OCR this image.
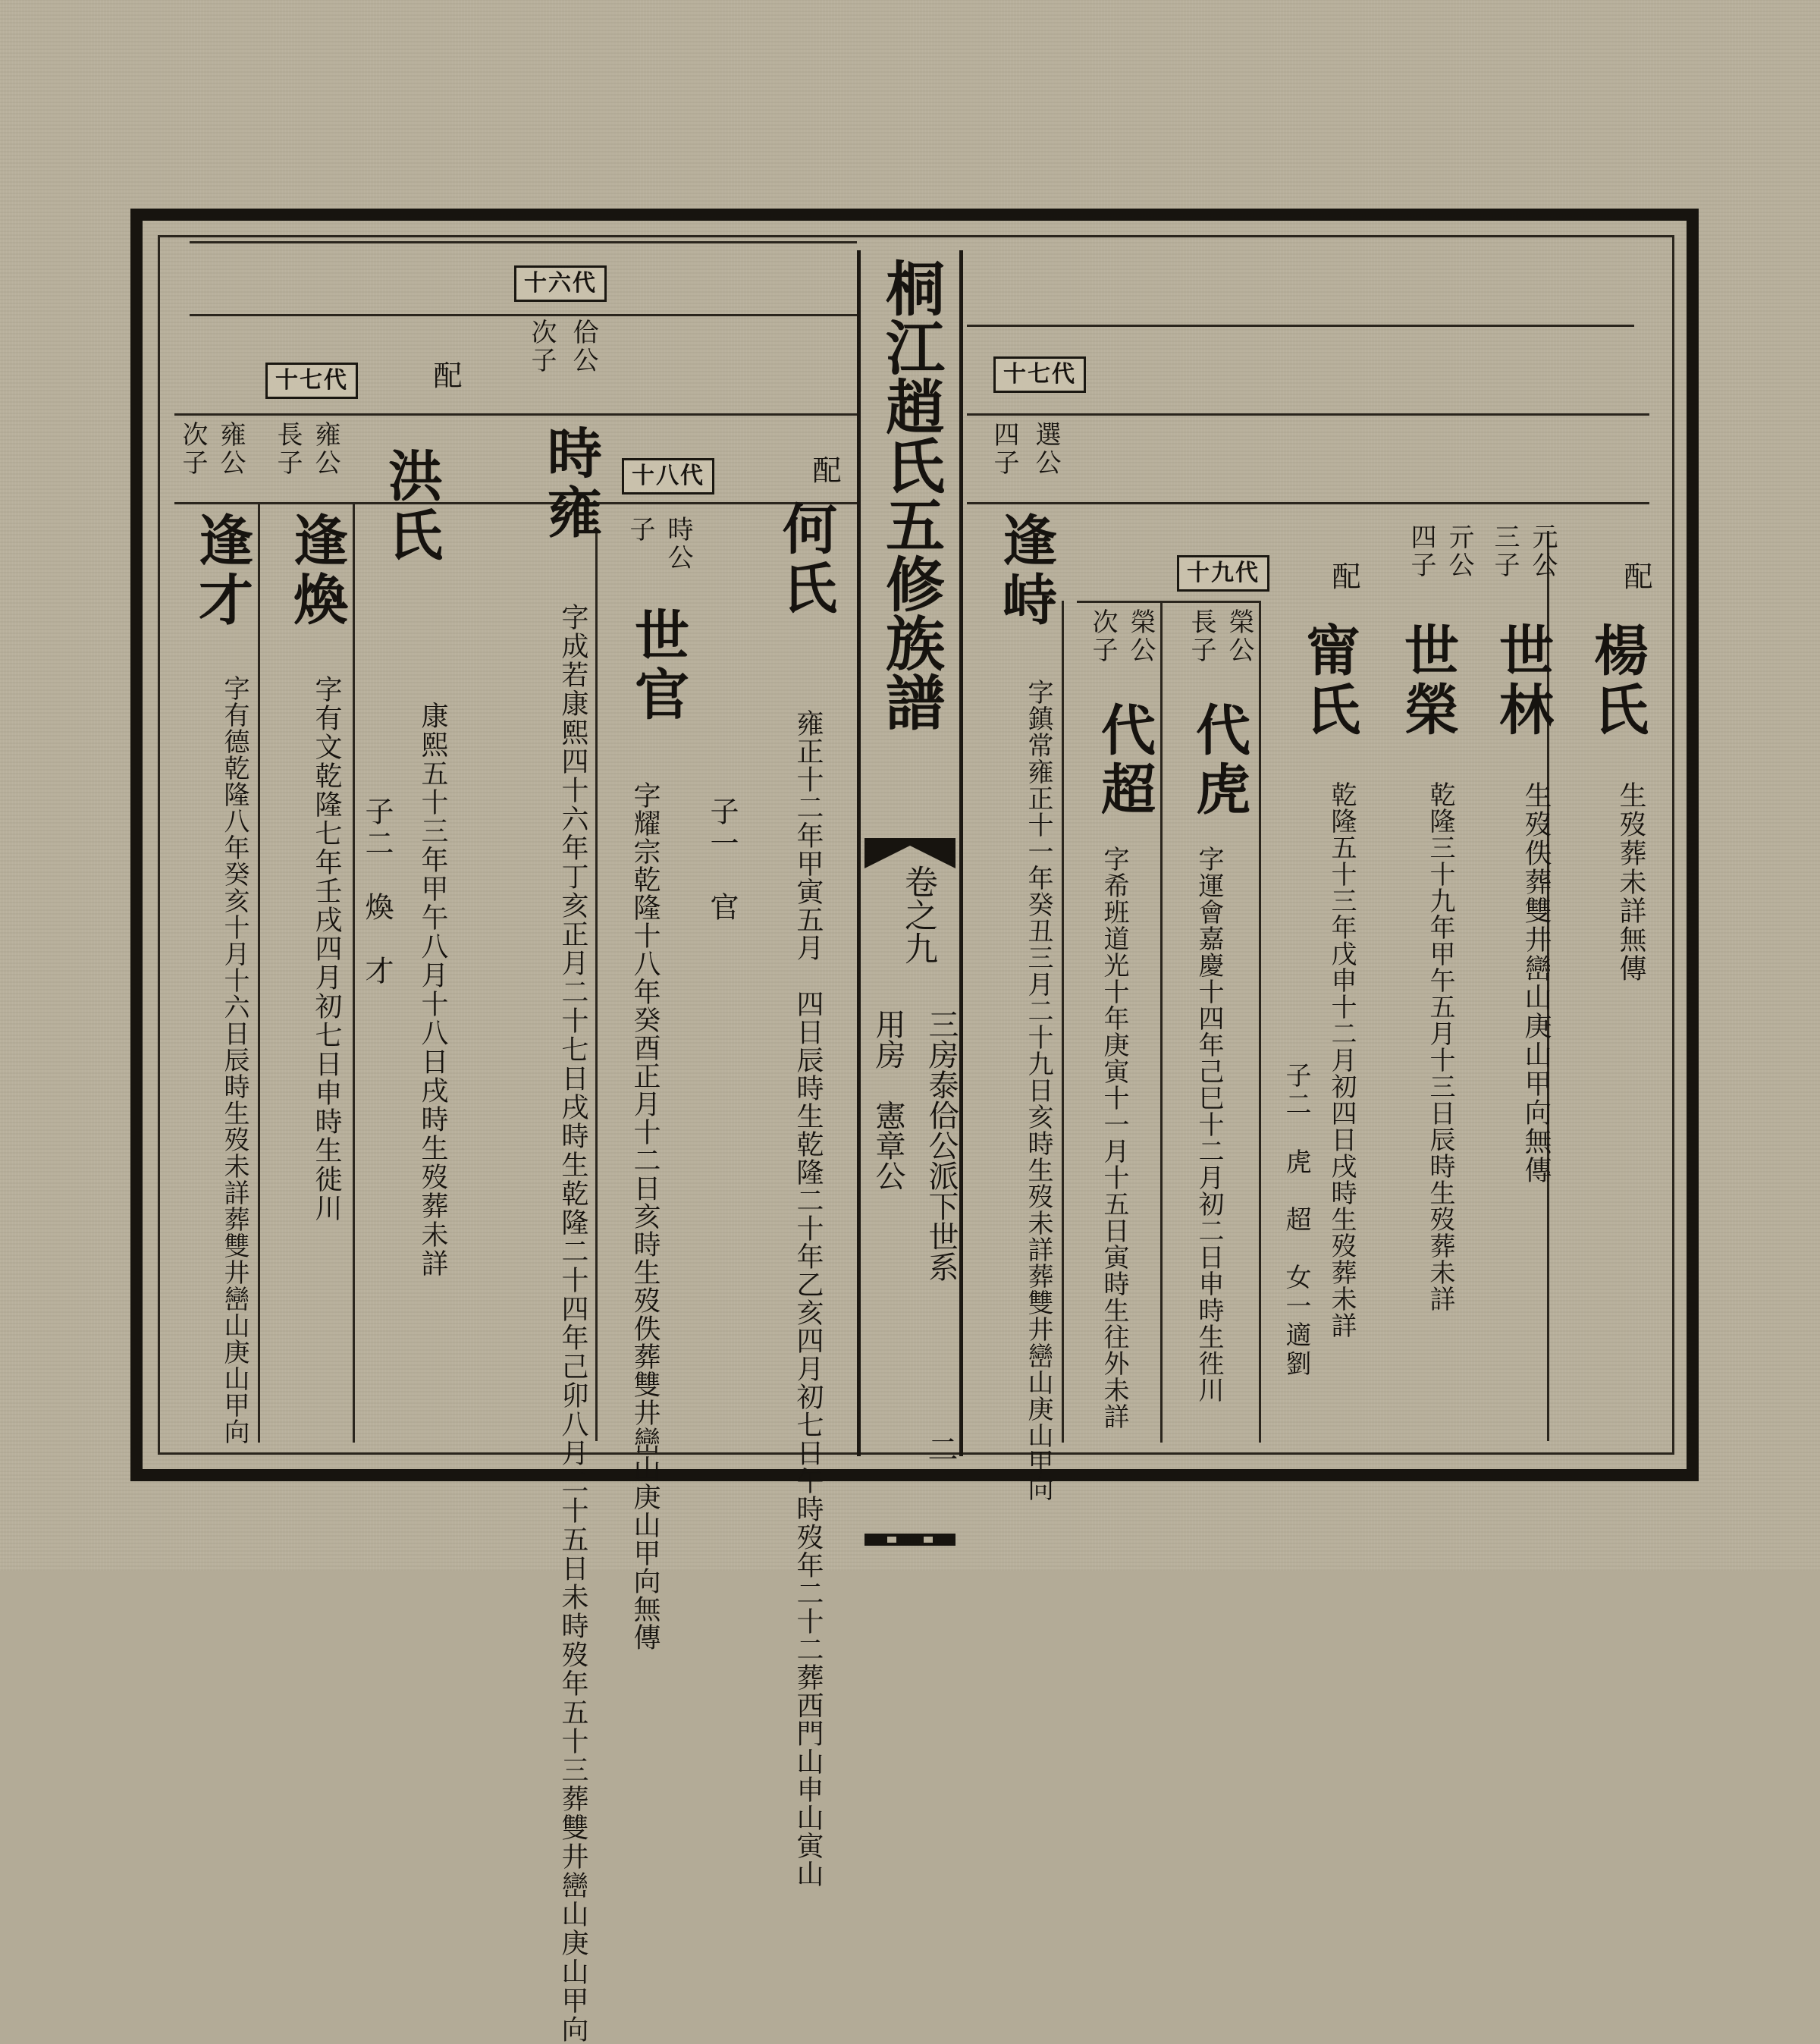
桐江趙氏五修族譜
卷之九
用房　憲章公 三房泰佮公派下世系
二
十六代
十七代
十八代
十七代
十九代
佮公
次子
配
配
時雍
字成若康熙四十六年丁亥正月二十七日戌時生乾隆二十四年己卯八月二十五日未時歿年五十三葬雙井巒山庚山甲向
子二　煥　才
洪氏
康熙五十三年甲午八月十八日戌時生歿葬未詳
何氏
雍正十二年甲寅五月　四日辰時生乾隆二十年乙亥四月初七日午時歿年二十二葬西門山申山寅山
子一　官
時公
子
世官
字耀宗乾隆十八年癸酉正月十二日亥時生歿佚葬雙井巒山庚山甲向無傳
雍公
長子
逢煥
字有文乾隆七年壬戌四月初七日申時生徙川
雍公
次子
逢才
字有德乾隆八年癸亥十月十六日辰時生歿未詳葬雙井巒山庚山甲向
選公
四子
逢峙
字鎮常雍正十一年癸丑三月二十九日亥時生歿未詳葬雙井巒山庚山甲向
榮公
長子
代虎
字運會嘉慶十四年己巳十二月初二日申時生徃川
榮公
次子
代超
字希班道光十年庚寅十一月十五日寅時生往外未詳
配
甯氏
乾隆五十三年戊申十二月初四日戌時生歿葬未詳
子二　虎　超　女一適劉
亓公
四子
世榮
乾隆三十九年甲午五月十三日辰時生歿葬未詳
元公
三子
世林
生歿佚葬雙井巒山庚山甲向無傳
配
楊氏
生歿葬未詳無傳
